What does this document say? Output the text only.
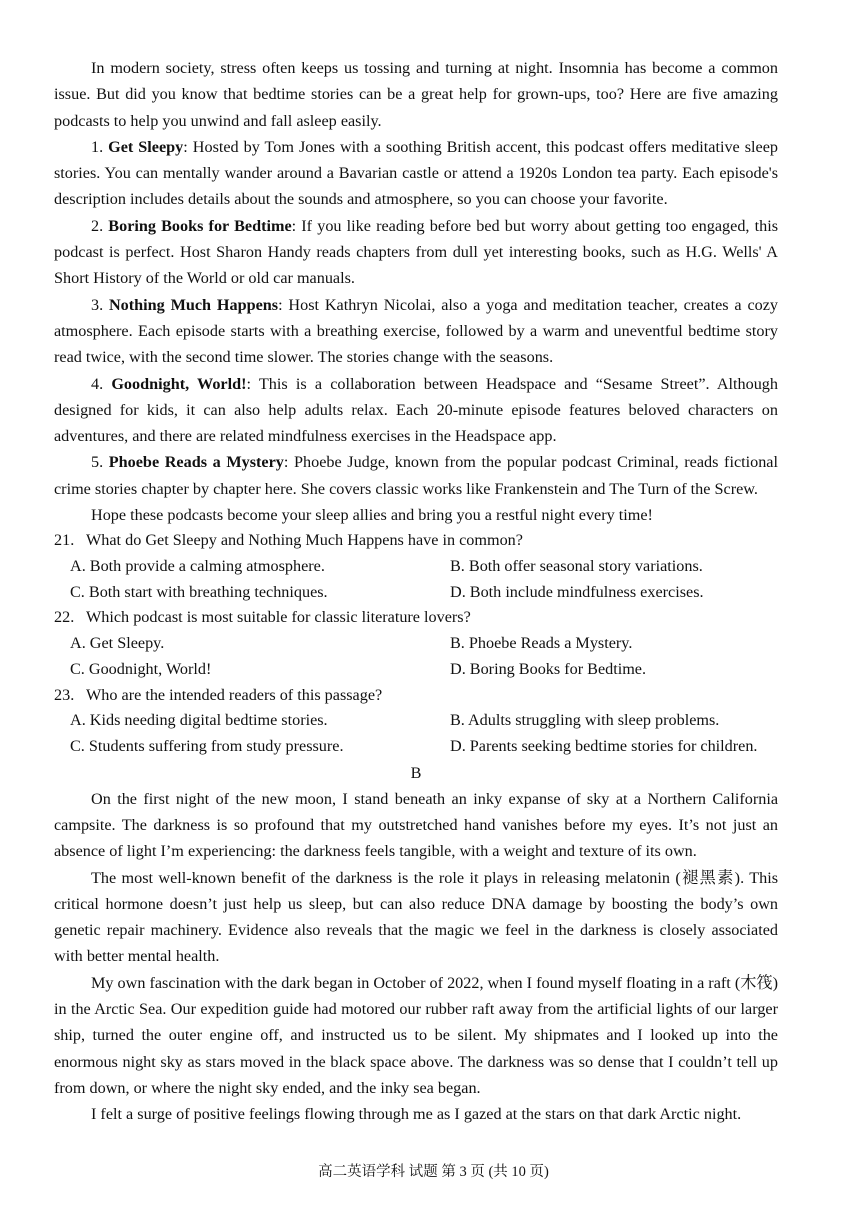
In modern society, stress often keeps us tossing and turning at night. Insomnia has become a common issue. But did you know that bedtime stories can be a great help for grown-ups, too? Here are five amazing podcasts to help you unwind and fall asleep easily.

1. Get Sleepy: Hosted by Tom Jones with a soothing British accent, this podcast offers meditative sleep stories. You can mentally wander around a Bavarian castle or attend a 1920s London tea party. Each episode's description includes details about the sounds and atmosphere, so you can choose your favorite.

2. Boring Books for Bedtime: If you like reading before bed but worry about getting too engaged, this podcast is perfect. Host Sharon Handy reads chapters from dull yet interesting books, such as H.G. Wells' A Short History of the World or old car manuals.

3. Nothing Much Happens: Host Kathryn Nicolai, also a yoga and meditation teacher, creates a cozy atmosphere. Each episode starts with a breathing exercise, followed by a warm and uneventful bedtime story read twice, with the second time slower. The stories change with the seasons.

4. Goodnight, World!: This is a collaboration between Headspace and “Sesame Street”. Although designed for kids, it can also help adults relax. Each 20-minute episode features beloved characters on adventures, and there are related mindfulness exercises in the Headspace app.

5. Phoebe Reads a Mystery: Phoebe Judge, known from the popular podcast Criminal, reads fictional crime stories chapter by chapter here. She covers classic works like Frankenstein and The Turn of the Screw.

Hope these podcasts become your sleep allies and bring you a restful night every time!

21. What do Get Sleepy and Nothing Much Happens have in common?
A. Both provide a calming atmosphere.	B. Both offer seasonal story variations.
C. Both start with breathing techniques.	D. Both include mindfulness exercises.
22. Which podcast is most suitable for classic literature lovers?
A. Get Sleepy.	B. Phoebe Reads a Mystery.
C. Goodnight, World!	D. Boring Books for Bedtime.
23. Who are the intended readers of this passage?
A. Kids needing digital bedtime stories.	B. Adults struggling with sleep problems.
C. Students suffering from study pressure.	D. Parents seeking bedtime stories for children.
B

On the first night of the new moon, I stand beneath an inky expanse of sky at a Northern California campsite. The darkness is so profound that my outstretched hand vanishes before my eyes. It’s not just an absence of light I’m experiencing: the darkness feels tangible, with a weight and texture of its own.

The most well-known benefit of the darkness is the role it plays in releasing melatonin (褪黑素). This critical hormone doesn’t just help us sleep, but can also reduce DNA damage by boosting the body’s own genetic repair machinery. Evidence also reveals that the magic we feel in the darkness is closely associated with better mental health.

My own fascination with the dark began in October of 2022, when I found myself floating in a raft (木筏) in the Arctic Sea. Our expedition guide had motored our rubber raft away from the artificial lights of our larger ship, turned the outer engine off, and instructed us to be silent. My shipmates and I looked up into the enormous night sky as stars moved in the black space above. The darkness was so dense that I couldn’t tell up from down, or where the night sky ended, and the inky sea began.

I felt a surge of positive feelings flowing through me as I gazed at the stars on that dark Arctic night.

高二英语学科 试题 第 3 页 (共 10 页)
